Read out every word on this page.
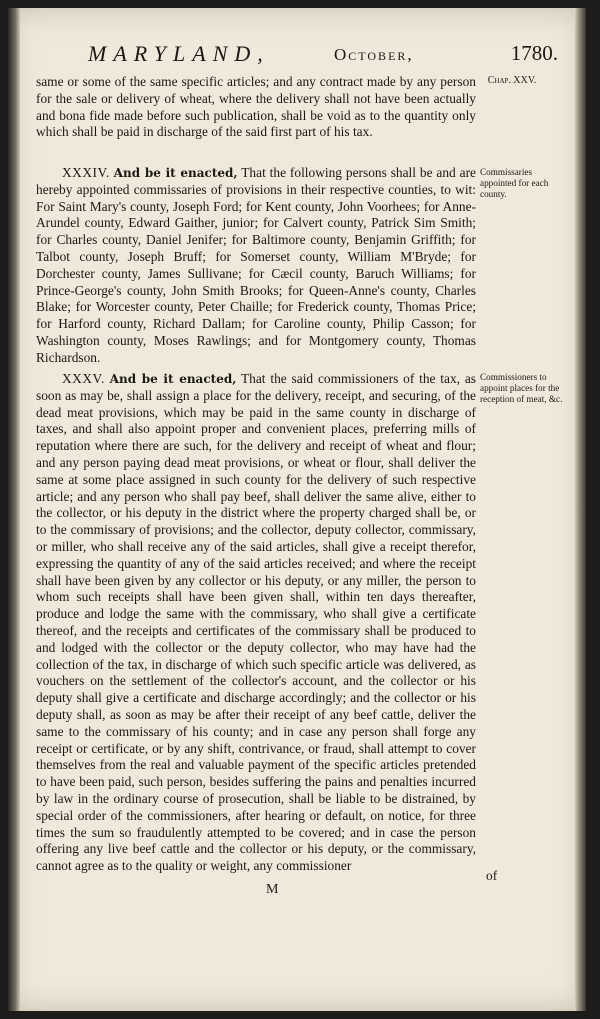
MARYLAND,	October,	1780.
same or some of the same specific articles; and any contract made by any person for the sale or delivery of wheat, where the delivery shall not have been actually and bona fide made before such publication, shall be void as to the quantity only which shall be paid in discharge of the said first part of his tax.
Chap. XXV.
XXXIV. And be it enacted, That the following persons shall be and are hereby appointed commissaries of provisions in their respective counties, to wit: For Saint Mary's county, Joseph Ford; for Kent county, John Voorhees; for Anne-Arundel county, Edward Gaither, junior; for Calvert county, Patrick Sim Smith; for Charles county, Daniel Jenifer; for Baltimore county, Benjamin Griffith; for Talbot county, Joseph Bruff; for Somerset county, William M'Bryde; for Dorchester county, James Sullivane; for Cæcil county, Baruch Williams; for Prince-George's county, John Smith Brooks; for Queen-Anne's county, Charles Blake; for Worcester county, Peter Chaille; for Frederick county, Thomas Price; for Harford county, Richard Dallam; for Caroline county, Philip Casson; for Washington county, Moses Rawlings; and for Montgomery county, Thomas Richardson.
Commissaries appointed for each county.
XXXV. And be it enacted, That the said commissioners of the tax, as soon as may be, shall assign a place for the delivery, receipt, and securing, of the dead meat provisions, which may be paid in the same county in discharge of taxes, and shall also appoint proper and convenient places, preferring mills of reputation where there are such, for the delivery and receipt of wheat and flour; and any person paying dead meat provisions, or wheat or flour, shall deliver the same at some place assigned in such county for the delivery of such respective article; and any person who shall pay beef, shall deliver the same alive, either to the collector, or his deputy in the district where the property charged shall be, or to the commissary of provisions; and the collector, deputy collector, commissary, or miller, who shall receive any of the said articles, shall give a receipt therefor, expressing the quantity of any of the said articles received; and where the receipt shall have been given by any collector or his deputy, or any miller, the person to whom such receipts shall have been given shall, within ten days thereafter, produce and lodge the same with the commissary, who shall give a certificate thereof, and the receipts and certificates of the commissary shall be produced to and lodged with the collector or the deputy collector, who may have had the collection of the tax, in discharge of which such specific article was delivered, as vouchers on the settlement of the collector's account, and the collector or his deputy shall give a certificate and discharge accordingly; and the collector or his deputy shall, as soon as may be after their receipt of any beef cattle, deliver the same to the commissary of his county; and in case any person shall forge any receipt or certificate, or by any shift, contrivance, or fraud, shall attempt to cover themselves from the real and valuable payment of the specific articles pretended to have been paid, such person, besides suffering the pains and penalties incurred by law in the ordinary course of prosecution, shall be liable to be distrained, by special order of the commissioners, after hearing or default, on notice, for three times the sum so fraudulently attempted to be covered; and in case the person offering any live beef cattle and the collector or his deputy, or the commissary, cannot agree as to the quality or weight, any commissioner
Commissioners to appoint places for the reception of meat, &c.
of
M
